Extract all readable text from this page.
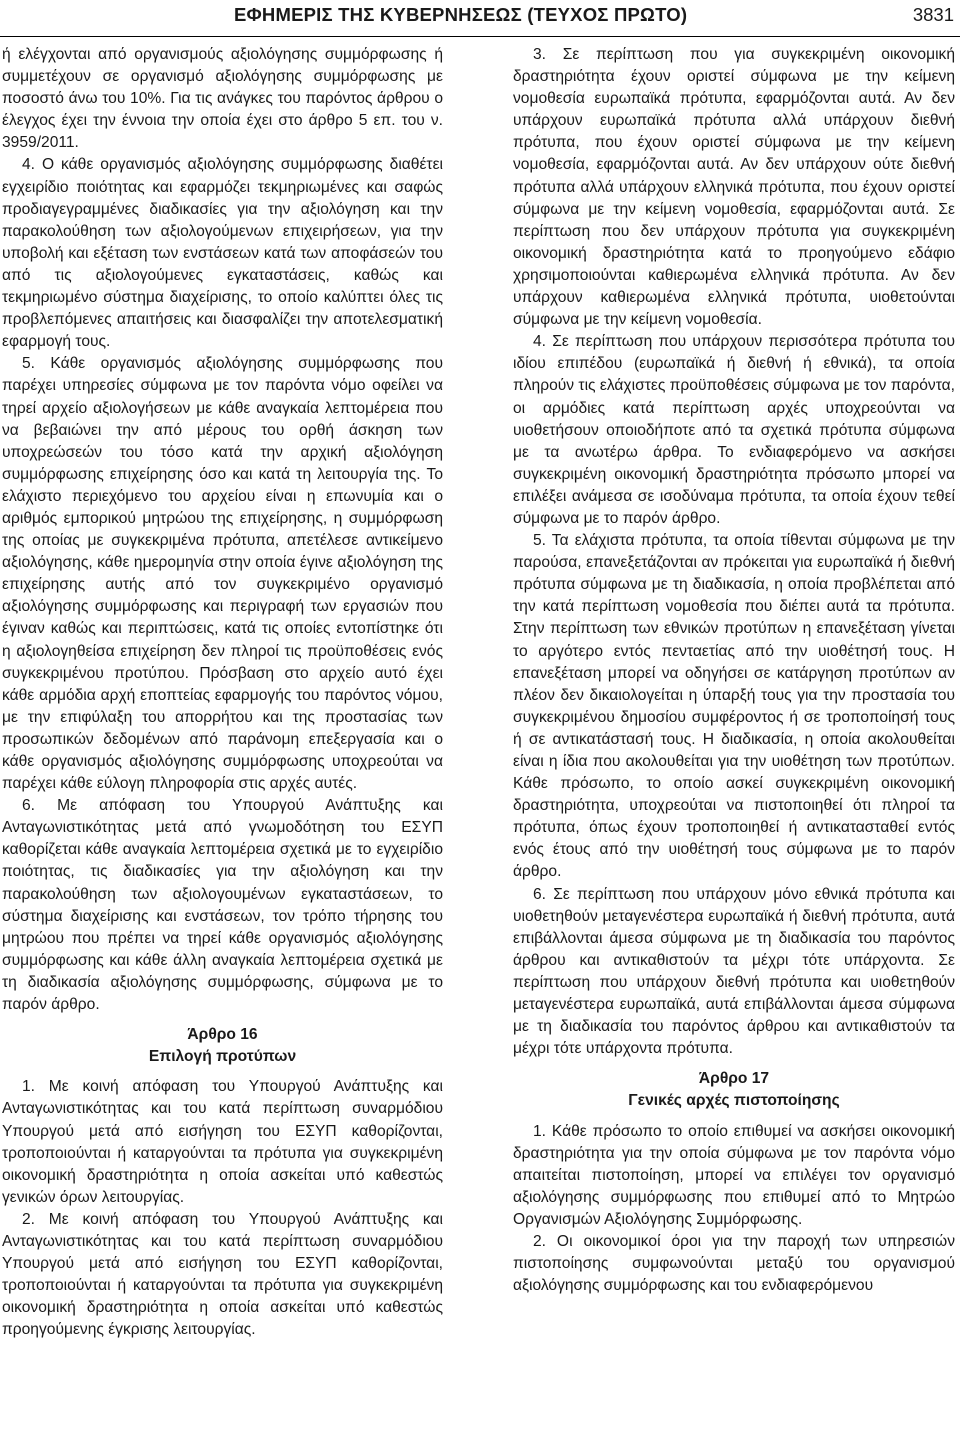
ΕΦΗΜΕΡΙΣ ΤΗΣ ΚΥΒΕΡΝΗΣΕΩΣ (ΤΕΥΧΟΣ ΠΡΩΤΟ)	3831

ή ελέγχονται από οργανισμούς αξιολόγησης συμμόρφωσης ή συμμετέχουν σε οργανισμό αξιολόγησης συμμόρφωσης με ποσοστό άνω του 10%. Για τις ανάγκες του παρόντος άρθρου ο έλεγχος έχει την έννοια την οποία έχει στο άρθρο 5 επ. του ν. 3959/2011.

4. Ο κάθε οργανισμός αξιολόγησης συμμόρφωσης διαθέτει εγχειρίδιο ποιότητας και εφαρμόζει τεκμηριωμένες και σαφώς προδιαγεγραμμένες διαδικασίες για την αξιολόγηση και την παρακολούθηση των αξιολογούμενων επιχειρήσεων, για την υποβολή και εξέταση των ενστάσεων κατά των αποφάσεών του από τις αξιολογούμενες εγκαταστάσεις, καθώς και τεκμηριωμένο σύστημα διαχείρισης, το οποίο καλύπτει όλες τις προβλεπόμενες απαιτήσεις και διασφαλίζει την αποτελεσματική εφαρμογή τους.

5. Κάθε οργανισμός αξιολόγησης συμμόρφωσης που παρέχει υπηρεσίες σύμφωνα με τον παρόντα νόμο οφείλει να τηρεί αρχείο αξιολογήσεων με κάθε αναγκαία λεπτομέρεια που να βεβαιώνει την από μέρους του ορθή άσκηση των υποχρεώσεών του τόσο κατά την αρχική αξιολόγηση συμμόρφωσης επιχείρησης όσο και κατά τη λειτουργία της. Το ελάχιστο περιεχόμενο του αρχείου είναι η επωνυμία και ο αριθμός εμπορικού μητρώου της επιχείρησης, η συμμόρφωση της οποίας με συγκεκριμένα πρότυπα, απετέλεσε αντικείμενο αξιολόγησης, κάθε ημερομηνία στην οποία έγινε αξιολόγηση της επιχείρησης αυτής από τον συγκεκριμένο οργανισμό αξιολόγησης συμμόρφωσης και περιγραφή των εργασιών που έγιναν καθώς και περιπτώσεις, κατά τις οποίες εντοπίστηκε ότι η αξιολογηθείσα επιχείρηση δεν πληροί τις προϋποθέσεις ενός συγκεκριμένου προτύπου. Πρόσβαση στο αρχείο αυτό έχει κάθε αρμόδια αρχή εποπτείας εφαρμογής του παρόντος νόμου, με την επιφύλαξη του απορρήτου και της προστασίας των προσωπικών δεδομένων από παράνομη επεξεργασία και ο κάθε οργανισμός αξιολόγησης συμμόρφωσης υποχρεούται να παρέχει κάθε εύλογη πληροφορία στις αρχές αυτές.

6. Με απόφαση του Υπουργού Ανάπτυξης και Ανταγωνιστικότητας μετά από γνωμοδότηση του ΕΣΥΠ καθορίζεται κάθε αναγκαία λεπτομέρεια σχετικά με το εγχειρίδιο ποιότητας, τις διαδικασίες για την αξιολόγηση και την παρακολούθηση των αξιολογουμένων εγκαταστάσεων, το σύστημα διαχείρισης και ενστάσεων, τον τρόπο τήρησης του μητρώου που πρέπει να τηρεί κάθε οργανισμός αξιολόγησης συμμόρφωσης και κάθε άλλη αναγκαία λεπτομέρεια σχετικά με τη διαδικασία αξιολόγησης συμμόρφωσης, σύμφωνα με το παρόν άρθρο.

Άρθρο 16
Επιλογή προτύπων

1. Με κοινή απόφαση του Υπουργού Ανάπτυξης και Ανταγωνιστικότητας και του κατά περίπτωση συναρμόδιου Υπουργού μετά από εισήγηση του ΕΣΥΠ καθορίζονται, τροποποιούνται ή καταργούνται τα πρότυπα για συγκεκριμένη οικονομική δραστηριότητα η οποία ασκείται υπό καθεστώς γενικών όρων λειτουργίας.

2. Με κοινή απόφαση του Υπουργού Ανάπτυξης και Ανταγωνιστικότητας και του κατά περίπτωση συναρμόδιου Υπουργού μετά από εισήγηση του ΕΣΥΠ καθορίζονται, τροποποιούνται ή καταργούνται τα πρότυπα για συγκεκριμένη οικονομική δραστηριότητα η οποία ασκείται υπό καθεστώς προηγούμενης έγκρισης λειτουργίας.

3. Σε περίπτωση που για συγκεκριμένη οικονομική δραστηριότητα έχουν οριστεί σύμφωνα με την κείμενη νομοθεσία ευρωπαϊκά πρότυπα, εφαρμόζονται αυτά. Αν δεν υπάρχουν ευρωπαϊκά πρότυπα αλλά υπάρχουν διεθνή πρότυπα, που έχουν οριστεί σύμφωνα με την κείμενη νομοθεσία, εφαρμόζονται αυτά. Αν δεν υπάρχουν ούτε διεθνή πρότυπα αλλά υπάρχουν ελληνικά πρότυπα, που έχουν οριστεί σύμφωνα με την κείμενη νομοθεσία, εφαρμόζονται αυτά. Σε περίπτωση που δεν υπάρχουν πρότυπα για συγκεκριμένη οικονομική δραστηριότητα κατά το προηγούμενο εδάφιο χρησιμοποιούνται καθιερωμένα ελληνικά πρότυπα. Αν δεν υπάρχουν καθιερωμένα ελληνικά πρότυπα, υιοθετούνται σύμφωνα με την κείμενη νομοθεσία.

4. Σε περίπτωση που υπάρχουν περισσότερα πρότυπα του ιδίου επιπέδου (ευρωπαϊκά ή διεθνή ή εθνικά), τα οποία πληρούν τις ελάχιστες προϋποθέσεις σύμφωνα με τον παρόντα, οι αρμόδιες κατά περίπτωση αρχές υποχρεούνται να υιοθετήσουν οποιοδήποτε από τα σχετικά πρότυπα σύμφωνα με τα ανωτέρω άρθρα. Το ενδιαφερόμενο να ασκήσει συγκεκριμένη οικονομική δραστηριότητα πρόσωπο μπορεί να επιλέξει ανάμεσα σε ισοδύναμα πρότυπα, τα οποία έχουν τεθεί σύμφωνα με το παρόν άρθρο.

5. Τα ελάχιστα πρότυπα, τα οποία τίθενται σύμφωνα με την παρούσα, επανεξετάζονται αν πρόκειται για ευρωπαϊκά ή διεθνή πρότυπα σύμφωνα με τη διαδικασία, η οποία προβλέπεται από την κατά περίπτωση νομοθεσία που διέπει αυτά τα πρότυπα. Στην περίπτωση των εθνικών προτύπων η επανεξέταση γίνεται το αργότερο εντός πενταετίας από την υιοθέτησή τους. Η επανεξέταση μπορεί να οδηγήσει σε κατάργηση προτύπων αν πλέον δεν δικαιολογείται η ύπαρξή τους για την προστασία του συγκεκριμένου δημοσίου συμφέροντος ή σε τροποποίησή τους ή σε αντικατάστασή τους. Η διαδικασία, η οποία ακολουθείται είναι η ίδια που ακολουθείται για την υιοθέτηση των προτύπων. Κάθε πρόσωπο, το οποίο ασκεί συγκεκριμένη οικονομική δραστηριότητα, υποχρεούται να πιστοποιηθεί ότι πληροί τα πρότυπα, όπως έχουν τροποποιηθεί ή αντικατασταθεί εντός ενός έτους από την υιοθέτησή τους σύμφωνα με το παρόν άρθρο.

6. Σε περίπτωση που υπάρχουν μόνο εθνικά πρότυπα και υιοθετηθούν μεταγενέστερα ευρωπαϊκά ή διεθνή πρότυπα, αυτά επιβάλλονται άμεσα σύμφωνα με τη διαδικασία του παρόντος άρθρου και αντικαθιστούν τα μέχρι τότε υπάρχοντα. Σε περίπτωση που υπάρχουν διεθνή πρότυπα και υιοθετηθούν μεταγενέστερα ευρωπαϊκά, αυτά επιβάλλονται άμεσα σύμφωνα με τη διαδικασία του παρόντος άρθρου και αντικαθιστούν τα μέχρι τότε υπάρχοντα πρότυπα.

Άρθρο 17
Γενικές αρχές πιστοποίησης

1. Κάθε πρόσωπο το οποίο επιθυμεί να ασκήσει οικονομική δραστηριότητα για την οποία σύμφωνα με τον παρόντα νόμο απαιτείται πιστοποίηση, μπορεί να επιλέγει τον οργανισμό αξιολόγησης συμμόρφωσης που επιθυμεί από το Μητρώο Οργανισμών Αξιολόγησης Συμμόρφωσης.

2. Οι οικονομικοί όροι για την παροχή των υπηρεσιών πιστοποίησης συμφωνούνται μεταξύ του οργανισμού αξιολόγησης συμμόρφωσης και του ενδιαφερόμενου
